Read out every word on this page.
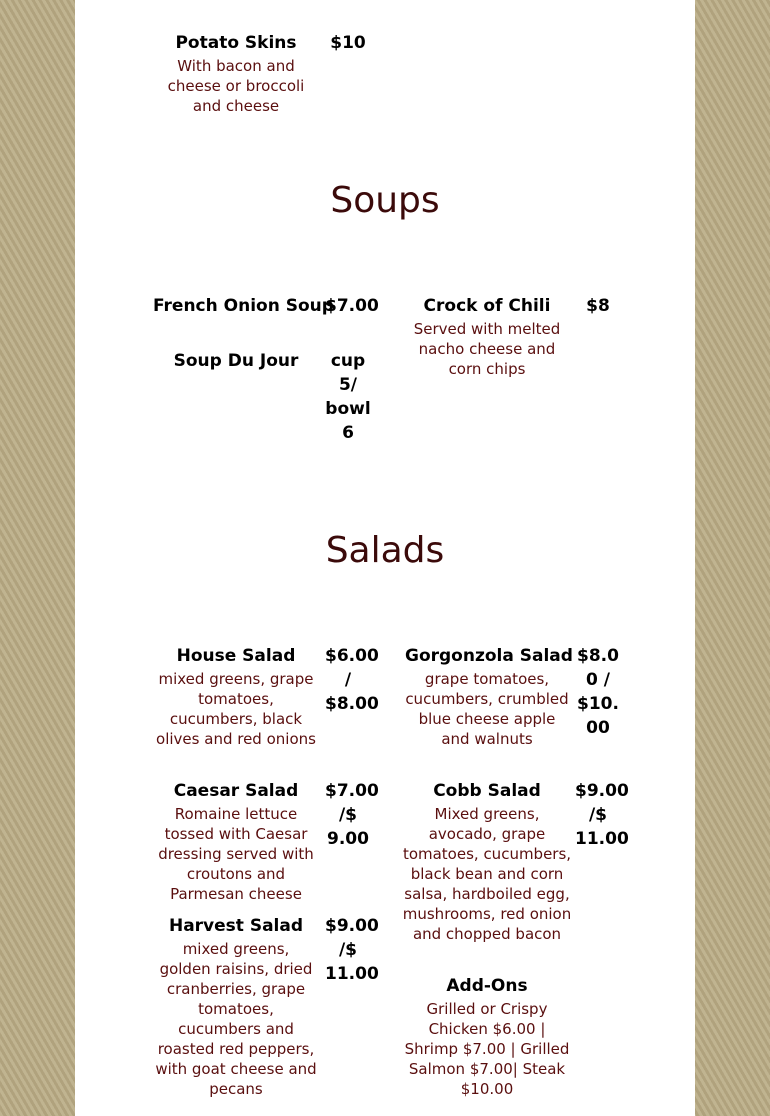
Potato Skins	$10
With bacon and cheese or broccoli and cheese
Soups
French Onion Soup
$7.00
Soup Du Jour	cup 5/ bowl 6
Crock of Chili	$8
Served with melted nacho cheese and corn chips
Salads
House Salad	$6.00 / $8.00
mixed greens, grape tomatoes, cucumbers, black olives and red onions
Gorgonzola Salad $8.00 / $10.00
grape tomatoes, cucumbers, crumbled blue cheese apple and walnuts
Caesar Salad	$7.00 /$ 9.00
Romaine lettuce tossed with Caesar dressing served with croutons and Parmesan cheese
Cobb Salad	$9.00 /$ 11.00
Mixed greens, avocado, grape tomatoes, cucumbers, black bean and corn salsa, hardboiled egg, mushrooms, red onion and chopped bacon
Harvest Salad	$9.00 /$ 11.00
mixed greens, golden raisins, dried cranberries, grape tomatoes, cucumbers and roasted red peppers, with goat cheese and pecans
Add-Ons
Grilled or Crispy Chicken $6.00 | Shrimp $7.00 | Grilled Salmon $7.00| Steak $10.00
